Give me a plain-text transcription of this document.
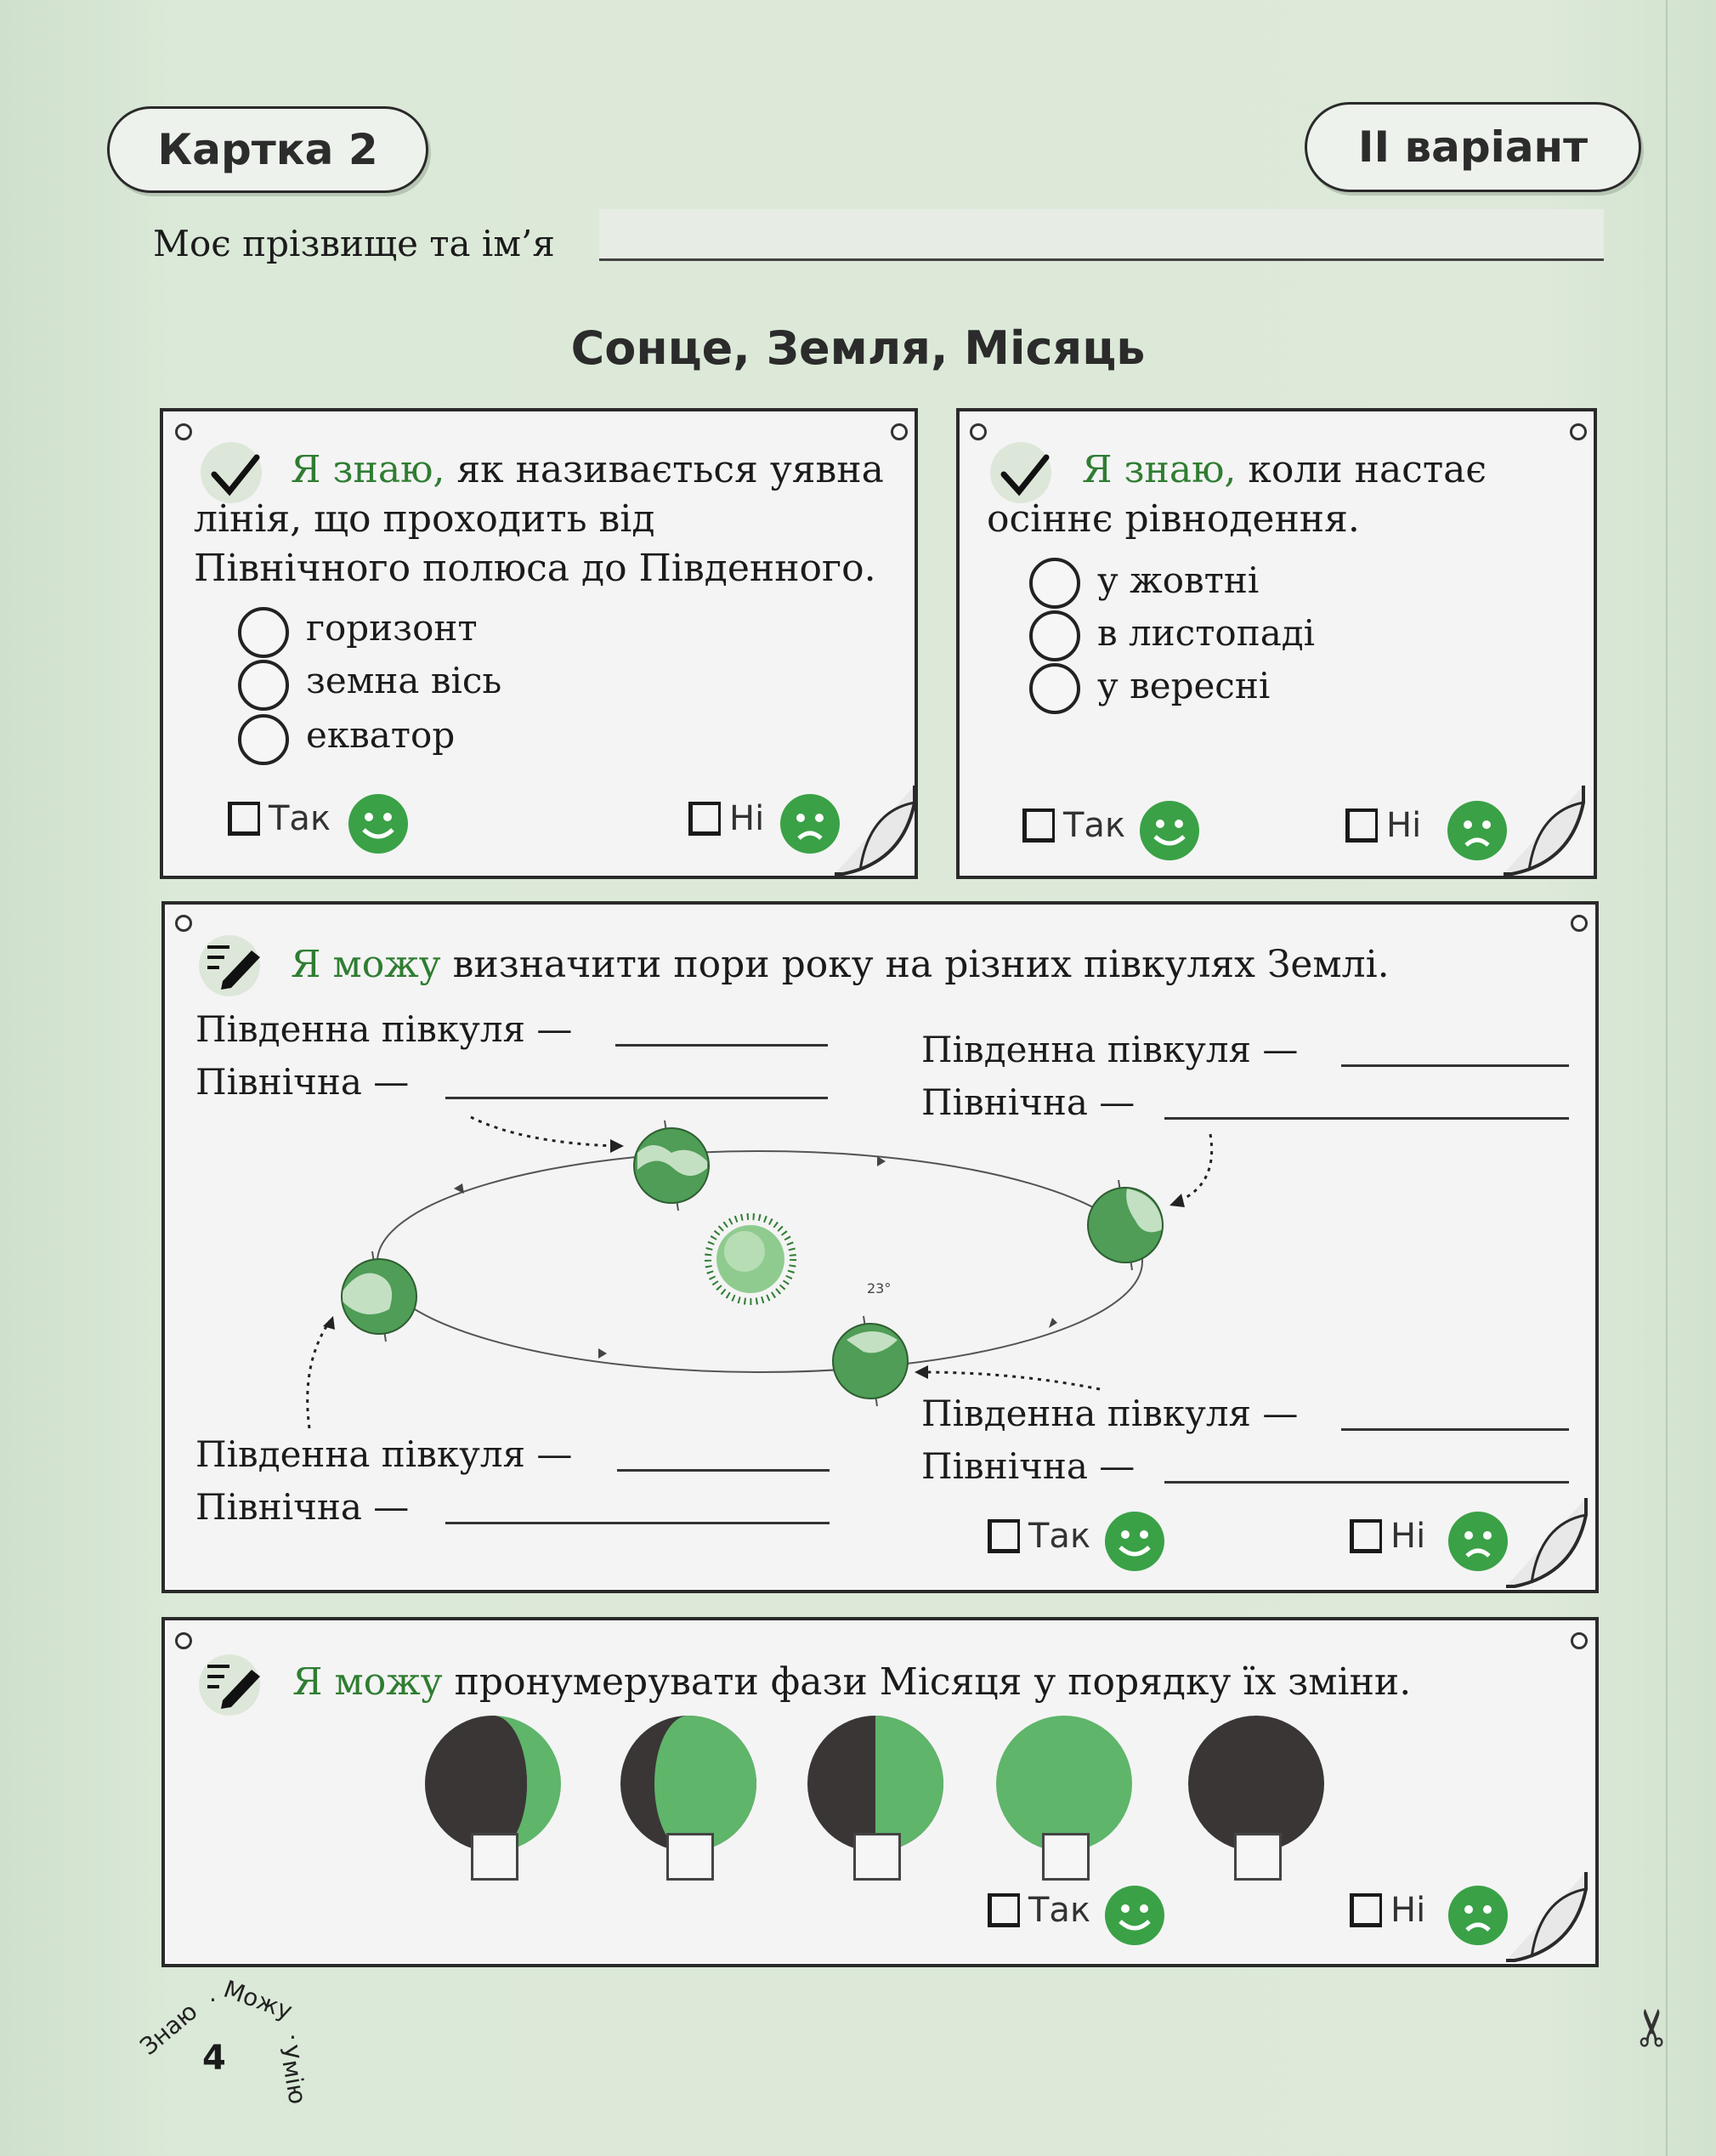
Картка 2	ІІ варіант
Моє прізвище та ім’я
Сонце, Земля, Місяць
Я знаю, як називається уявна
лінія, що проходить від
Північного полюса до Південного.
горизонт
земна вісь
екватор
Так	Ні
Я знаю, коли настає
осіннє рівнодення.
у жовтні
в листопаді
у вересні
Так	Ні
Я можу визначити пори року на різних півкулях Землі.
Південна півкуля —
Північна —
Південна півкуля —
Північна —
Південна півкуля —
Північна —
Південна півкуля —
Північна —
23°
Так	Ні
Я можу пронумерувати фази Місяця у порядку їх зміни.
Так	Ні
Знаю · Можу
·
Умію
4
✂
